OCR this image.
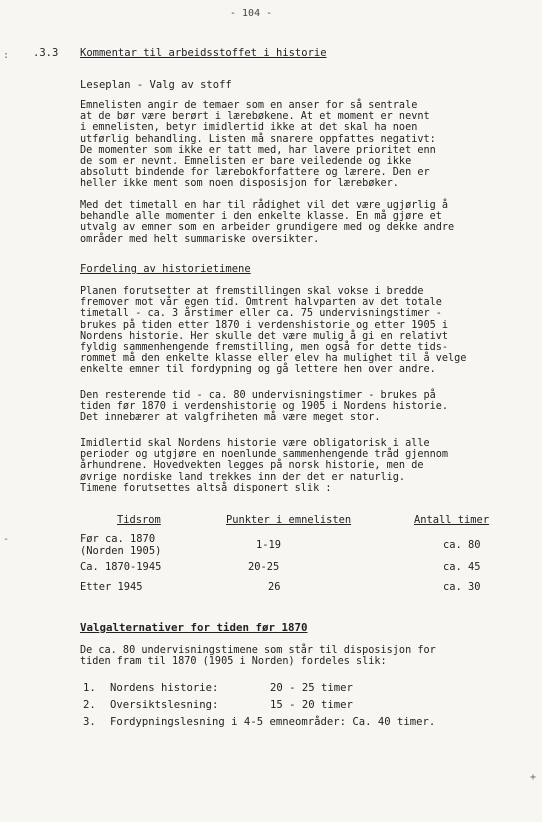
- 104 -
:
-
+
.3.3 Kommentar til arbeidsstoffet i historie
Leseplan - Valg av stoff
Emnelisten angir de temaer som en anser for så sentrale
at de bør være berørt i lærebøkene. At et moment er nevnt
i emnelisten, betyr imidlertid ikke at det skal ha noen
utførlig behandling. Listen må snarere oppfattes negativt:
De momenter som ikke er tatt med, har lavere prioritet enn
de som er nevnt. Emnelisten er bare veiledende og ikke
absolutt bindende for lærebokforfattere og lærere. Den er
heller ikke ment som noen disposisjon for lærebøker.
Med det timetall en har til rådighet vil det være ugjørlig å
behandle alle momenter i den enkelte klasse. En må gjøre et
utvalg av emner som en arbeider grundigere med og dekke andre
områder med helt summariske oversikter.
Fordeling av historietimene
Planen forutsetter at fremstillingen skal vokse i bredde
fremover mot vår egen tid. Omtrent halvparten av det totale
timetall - ca. 3 årstimer eller ca. 75 undervisningstimer -
brukes på tiden etter 1870 i verdenshistorie og etter 1905 i
Nordens historie. Her skulle det være mulig å gi en relativt
fyldig sammenhengende fremstilling, men også for dette tids-
rommet må den enkelte klasse eller elev ha mulighet til å velge
enkelte emner til fordypning og gå lettere hen over andre.
Den resterende tid - ca. 80 undervisningstimer - brukes på
tiden før 1870 i verdenshistorie og 1905 i Nordens historie.
Det innebærer at valgfriheten må være meget stor.
Imidlertid skal Nordens historie være obligatorisk i alle
perioder og utgjøre en noenlunde sammenhengende tråd gjennom
århundrene. Hovedvekten legges på norsk historie, men de
øvrige nordiske land trekkes inn der det er naturlig.
Timene forutsettes altså disponert slik :
Tidsrom	Punkter i emnelisten	Antall timer
Før ca. 1870
(Norden 1905)	1-19	ca. 80
Ca. 1870-1945	20-25	ca. 45
Etter 1945	26	ca. 30
Valgalternativer for tiden før 1870
De ca. 80 undervisningstimene som står til disposisjon for
tiden fram til 1870 (1905 i Norden) fordeles slik:
1. Nordens historie:	20 - 25 timer
2. Oversiktslesning:	15 - 20 timer
3. Fordypningslesning i 4-5 emneområder: Ca. 40 timer.
